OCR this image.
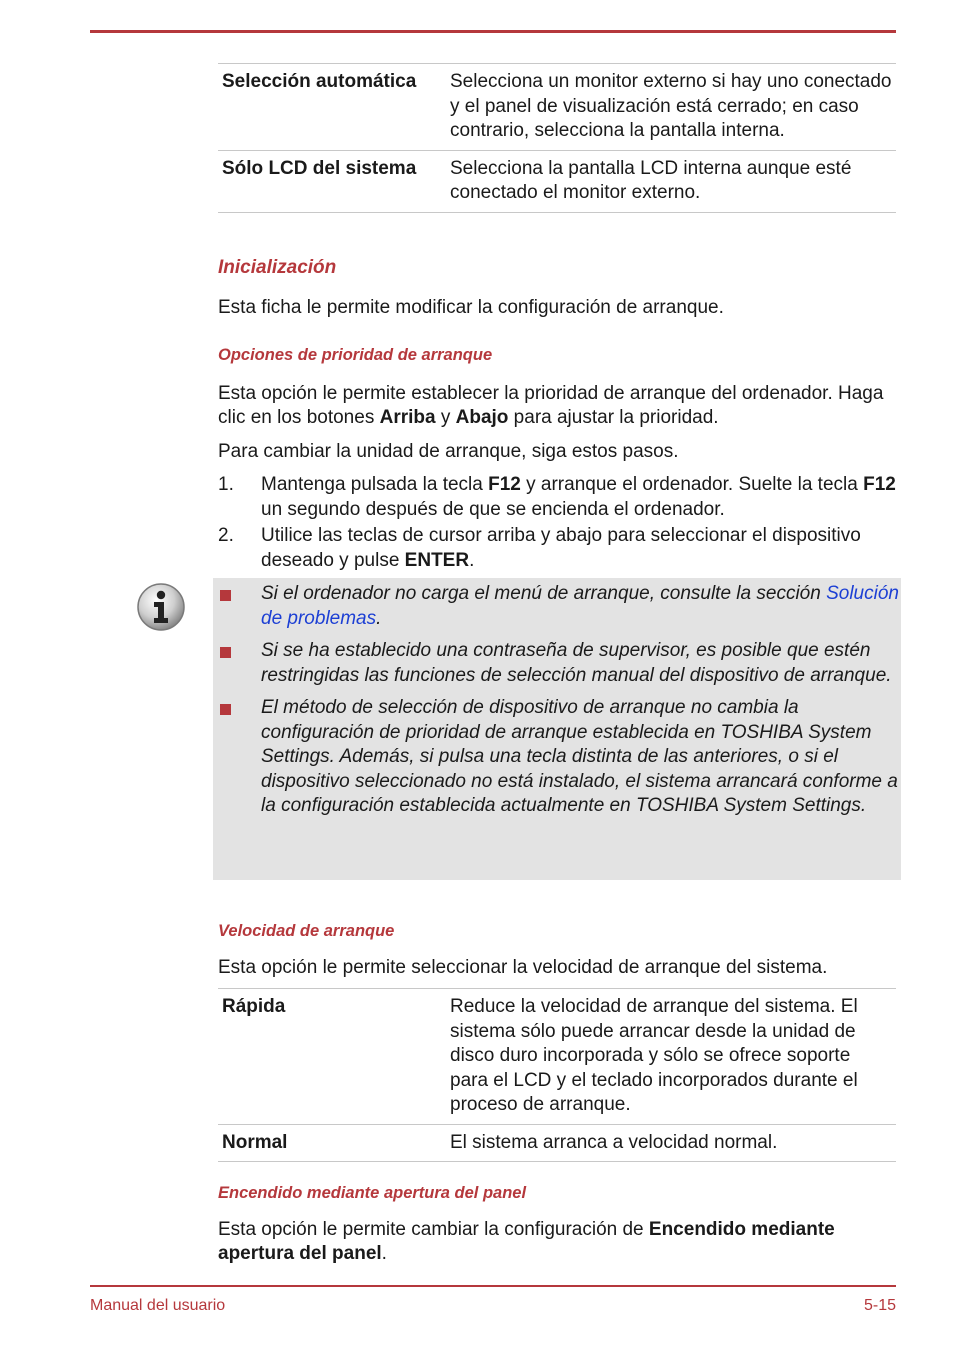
Selección automática	Selecciona un monitor externo si hay uno conectado y el panel de visualización está cerrado; en caso contrario, selecciona la pantalla interna.
Sólo LCD del sistema	Selecciona la pantalla LCD interna aunque esté conectado el monitor externo.
Inicialización

Esta ficha le permite modificar la configuración de arranque.

Opciones de prioridad de arranque

Esta opción le permite establecer la prioridad de arranque del ordenador. Haga clic en los botones Arriba y Abajo para ajustar la prioridad.

Para cambiar la unidad de arranque, siga estos pasos.

1. Mantenga pulsada la tecla F12 y arranque el ordenador. Suelte la tecla F12 un segundo después de que se encienda el ordenador.
2. Utilice las teclas de cursor arriba y abajo para seleccionar el dispositivo deseado y pulse ENTER.
Si el ordenador no carga el menú de arranque, consulte la sección Solución de problemas.
Si se ha establecido una contraseña de supervisor, es posible que estén restringidas las funciones de selección manual del dispositivo de arranque.
El método de selección de dispositivo de arranque no cambia la configuración de prioridad de arranque establecida en TOSHIBA System Settings. Además, si pulsa una tecla distinta de las anteriores, o si el dispositivo seleccionado no está instalado, el sistema arrancará conforme a la configuración establecida actualmente en TOSHIBA System Settings.
Velocidad de arranque

Esta opción le permite seleccionar la velocidad de arranque del sistema.

Rápida	Reduce la velocidad de arranque del sistema. El sistema sólo puede arrancar desde la unidad de disco duro incorporada y sólo se ofrece soporte para el LCD y el teclado incorporados durante el proceso de arranque.
Normal	El sistema arranca a velocidad normal.
Encendido mediante apertura del panel

Esta opción le permite cambiar la configuración de Encendido mediante apertura del panel.

Manual del usuario	5-15
